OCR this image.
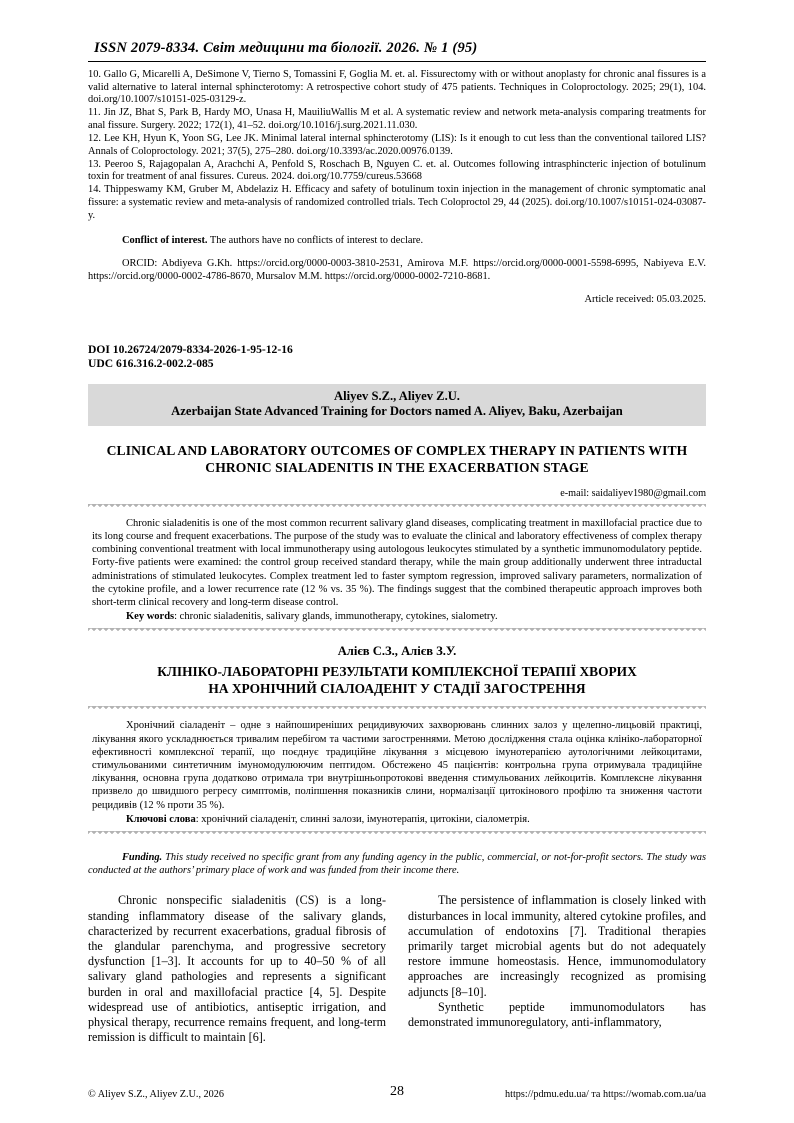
ISSN 2079-8334. Світ медицини та біології. 2026. № 1 (95)
10. Gallo G, Micarelli A, DeSimone V, Tierno S, Tomassini F, Goglia M. et. al. Fissurectomy with or without anoplasty for chronic anal fissures is a valid alternative to lateral internal sphincterotomy: A retrospective cohort study of 475 patients. Techniques in Coloproctology. 2025; 29(1), 104. doi.org/10.1007/s10151-025-03129-z.
11. Jin JZ, Bhat S, Park B, Hardy MO, Unasa H, MauiliuWallis M et al. A systematic review and network meta-analysis comparing treatments for anal fissure. Surgery. 2022; 172(1), 41–52. doi.org/10.1016/j.surg.2021.11.030.
12. Lee KH, Hyun K, Yoon SG, Lee JK. Minimal lateral internal sphincterotomy (LIS): Is it enough to cut less than the conventional tailored LIS? Annals of Coloproctology. 2021; 37(5), 275–280. doi.org/10.3393/ac.2020.00976.0139.
13. Peeroo S, Rajagopalan A, Arachchi A, Penfold S, Roschach B, Nguyen C. et. al. Outcomes following intrasphincteric injection of botulinum toxin for treatment of anal fissures. Cureus. 2024. doi.org/10.7759/cureus.53668
14. Thippeswamy KM, Gruber M, Abdelaziz H. Efficacy and safety of botulinum toxin injection in the management of chronic symptomatic anal fissure: a systematic review and meta-analysis of randomized controlled trials. Tech Coloproctol 29, 44 (2025). doi.org/10.1007/s10151-024-03087-y.

Conflict of interest. The authors have no conflicts of interest to declare.

ORCID: Abdiyeva G.Kh. https://orcid.org/0000-0003-3810-2531, Amirova M.F. https://orcid.org/0000-0001-5598-6995, Nabiyeva E.V. https://orcid.org/0000-0002-4786-8670, Mursalov M.M. https://orcid.org/0000-0002-7210-8681.

Article received: 05.03.2025.
DOI 10.26724/2079-8334-2026-1-95-12-16
UDC 616.316.2-002.2-085
Aliyev S.Z., Aliyev Z.U.
Azerbaijan State Advanced Training for Doctors named A. Aliyev, Baku, Azerbaijan
CLINICAL AND LABORATORY OUTCOMES OF COMPLEX THERAPY IN PATIENTS WITH
CHRONIC SIALADENITIS IN THE EXACERBATION STAGE
e-mail: saidaliyev1980@gmail.com

Chronic sialadenitis is one of the most common recurrent salivary gland diseases, complicating treatment in maxillofacial practice due to its long course and frequent exacerbations. The purpose of the study was to evaluate the clinical and laboratory effectiveness of complex therapy combining conventional treatment with local immunotherapy using autologous leukocytes stimulated by a synthetic immunomodulatory peptide. Forty-five patients were examined: the control group received standard therapy, while the main group additionally underwent three intraductal administrations of stimulated leukocytes. Complex treatment led to faster symptom regression, improved salivary parameters, normalization of the cytokine profile, and a lower recurrence rate (12 % vs. 35 %). The findings suggest that the combined therapeutic approach improves both short-term clinical recovery and long-term disease control.

Key words: chronic sialadenitis, salivary glands, immunotherapy, cytokines, sialometry.

Алієв С.З., Алієв З.У.
КЛІНІКО-ЛАБОРАТОРНІ РЕЗУЛЬТАТИ КОМПЛЕКСНОЇ ТЕРАПІЇ ХВОРИХ
НА ХРОНІЧНИЙ СІАЛОАДЕНІТ У СТАДІЇ ЗАГОСТРЕННЯ

Хронічний сіаладеніт – одне з найпоширеніших рецидивуючих захворювань слинних залоз у щелепно-лицьовій практиці, лікування якого ускладнюється тривалим перебігом та частими загостреннями. Метою дослідження стала оцінка клініко-лабораторної ефективності комплексної терапії, що поєднує традиційне лікування з місцевою імунотерапією аутологічними лейкоцитами, стимульованими синтетичним імуномодулюючим пептидом. Обстежено 45 пацієнтів: контрольна група отримувала традиційне лікування, основна група додатково отримала три внутрішньопротокові введення стимульованих лейкоцитів. Комплексне лікування призвело до швидшого регресу симптомів, поліпшення показників слини, нормалізації цитокінового профілю та зниження частоти рецидивів (12 % проти 35 %).

Ключові слова: хронічний сіаладеніт, слинні залози, імунотерапія, цитокіни, сіалометрія.

Funding. This study received no specific grant from any funding agency in the public, commercial, or not-for-profit sectors. The study was conducted at the authors’ primary place of work and was funded from their income there.

Chronic nonspecific sialadenitis (CS) is a long-standing inflammatory disease of the salivary glands, characterized by recurrent exacerbations, gradual fibrosis of the glandular parenchyma, and progressive secretory dysfunction [1–3]. It accounts for up to 40–50 % of all salivary gland pathologies and represents a significant burden in oral and maxillofacial practice [4, 5]. Despite widespread use of antibiotics, antiseptic irrigation, and physical therapy, recurrence remains frequent, and long-term remission is difficult to maintain [6].

The persistence of inflammation is closely linked with disturbances in local immunity, altered cytokine profiles, and accumulation of endotoxins [7]. Traditional therapies primarily target microbial agents but do not adequately restore immune homeostasis. Hence, immunomodulatory approaches are increasingly recognized as promising adjuncts [8–10].

Synthetic peptide immunomodulators has demonstrated immunoregulatory, anti-inflammatory,

© Aliyev S.Z., Aliyev Z.U., 2026	28	https://pdmu.edu.ua/ та https://womab.com.ua/ua
